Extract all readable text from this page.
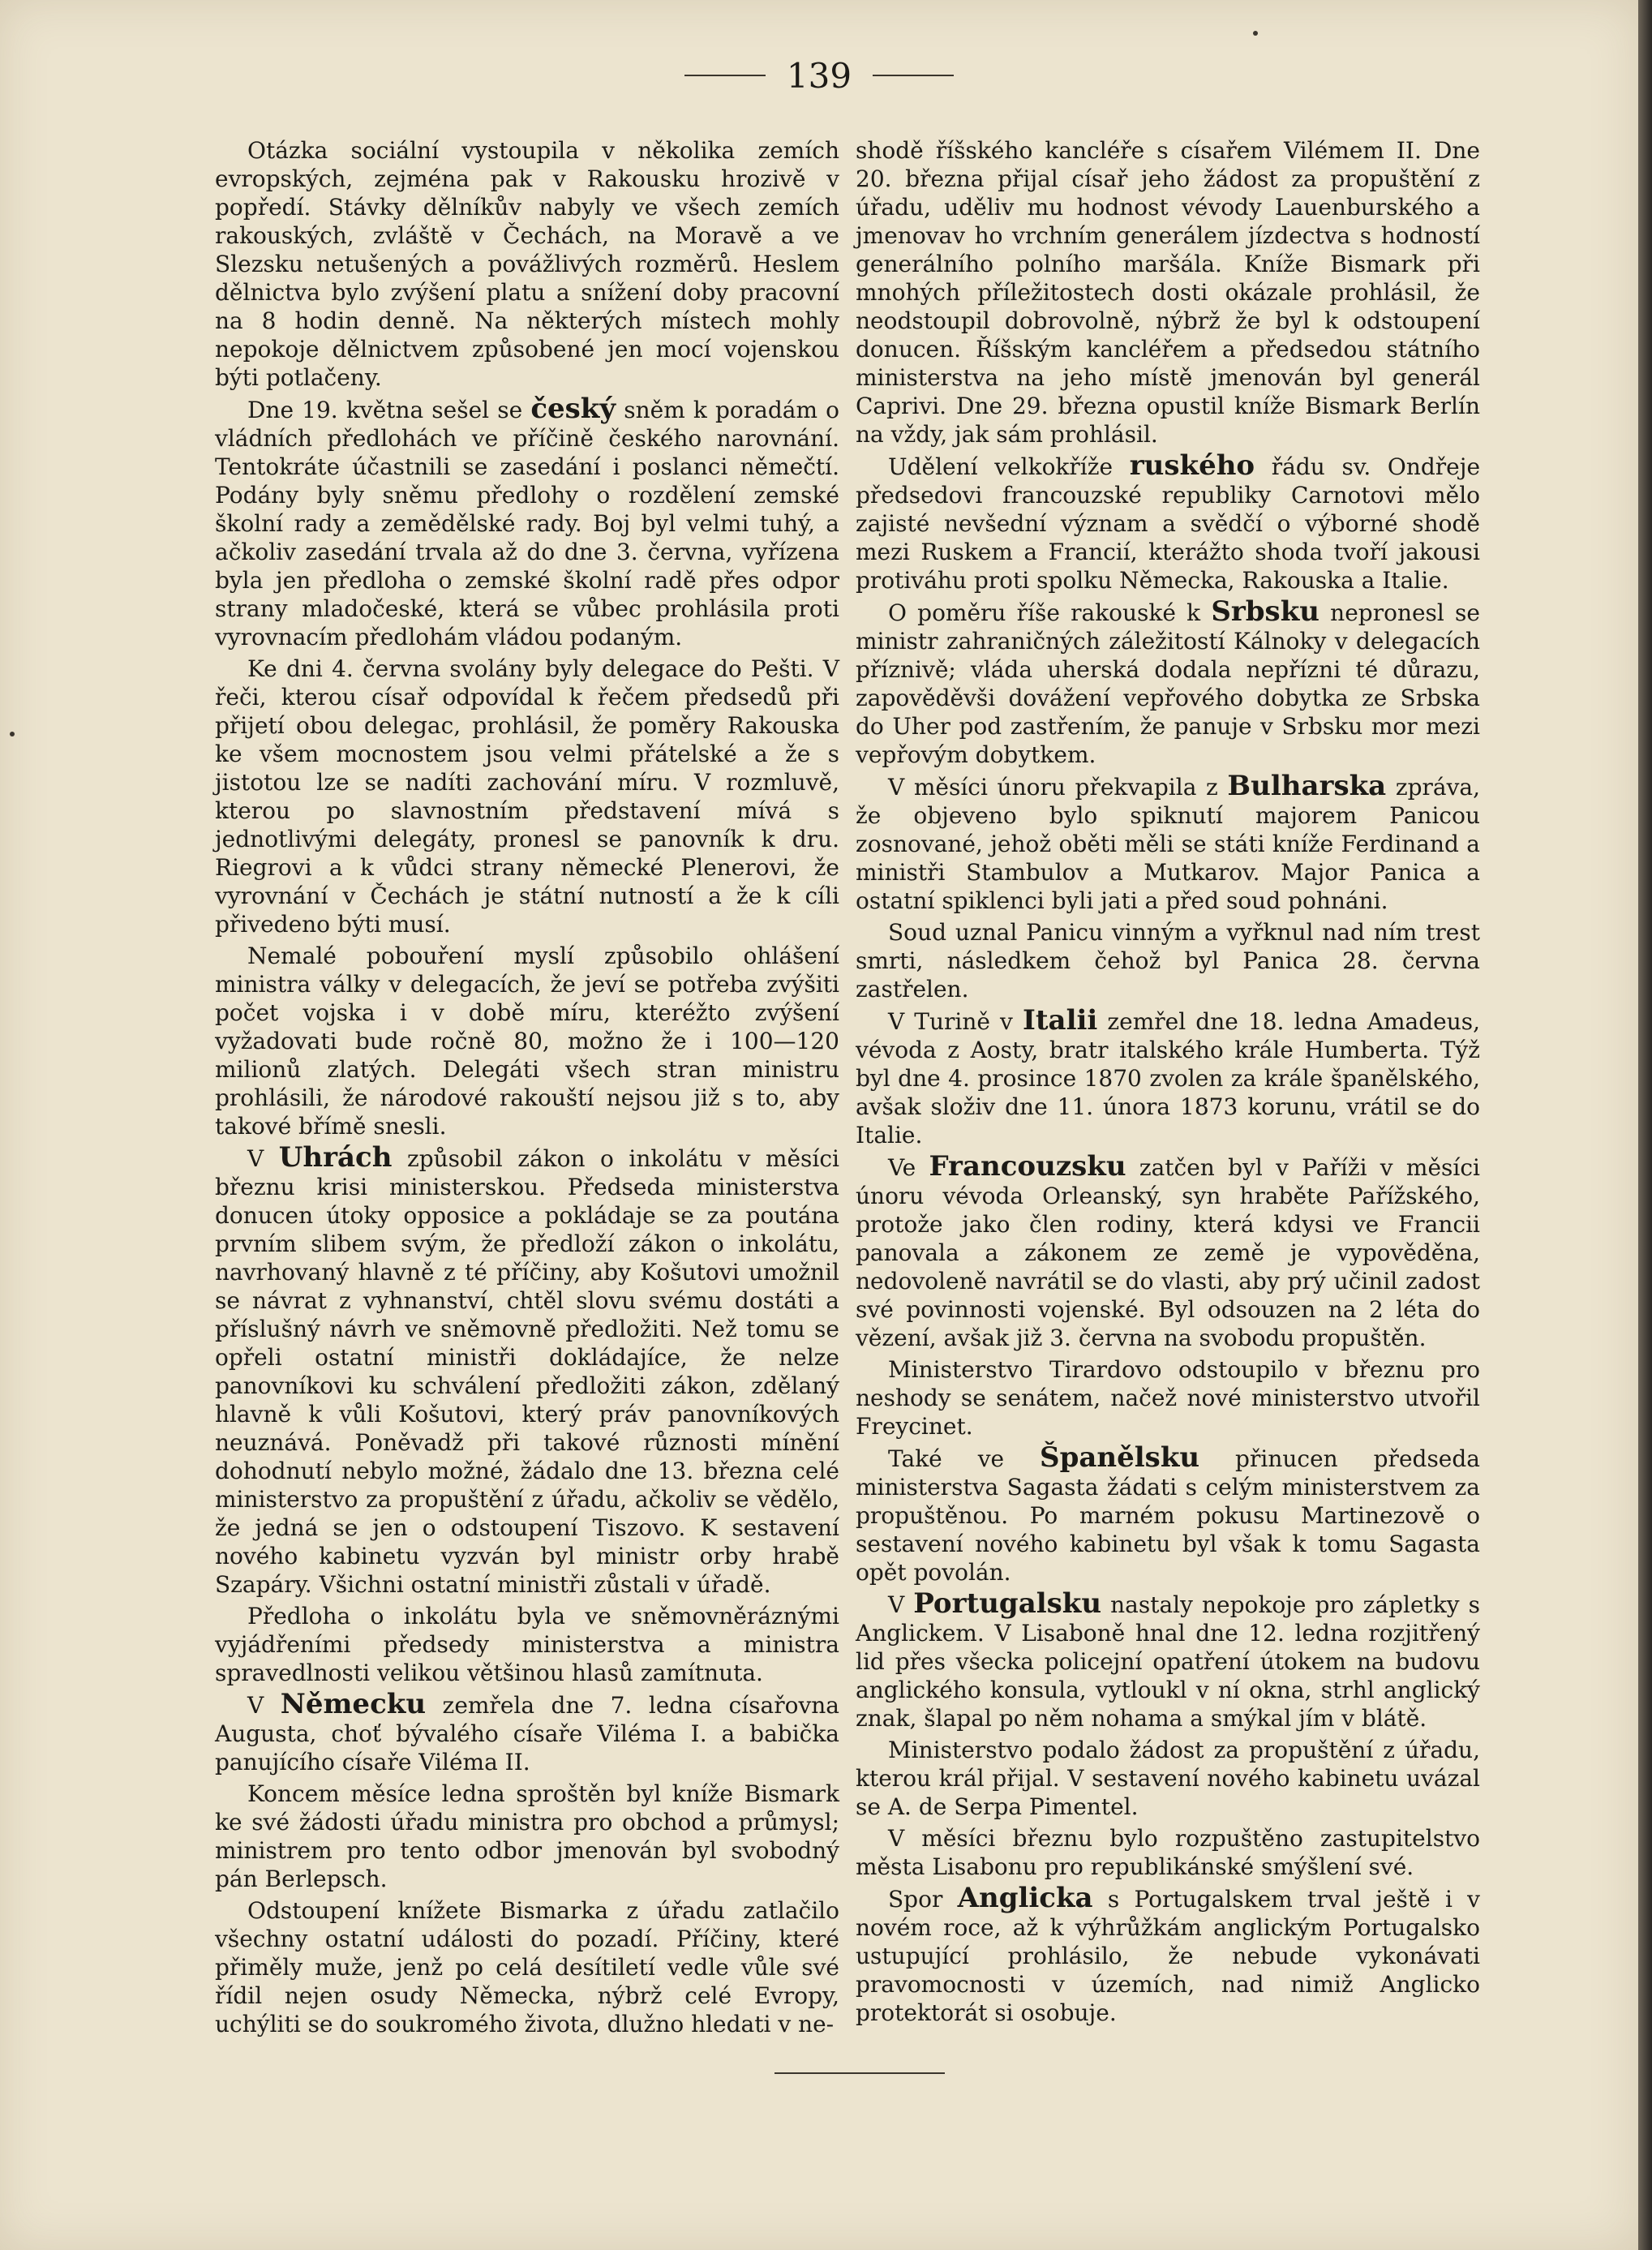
139

Otázka sociální vystoupila v několika zemích evropských, zejména pak v Rakousku hrozivě v popředí. Stávky dělníkův nabyly ve všech zemích rakouských, zvláště v Čechách, na Moravě a ve Slezsku netušených a povážlivých rozměrů. Heslem dělnictva bylo zvýšení platu a snížení doby pracovní na 8 hodin denně. Na některých místech mohly nepokoje dělnictvem způsobené jen mocí vojenskou býti potlačeny.

Dne 19. května sešel se český sněm k poradám o vládních předlohách ve příčině českého narovnání. Tentokráte účastnili se zasedání i poslanci němečtí. Podány byly sněmu předlohy o rozdělení zemské školní rady a zemědělské rady. Boj byl velmi tuhý, a ačkoliv zasedání trvala až do dne 3. června, vyřízena byla jen předloha o zemské školní radě přes odpor strany mladočeské, která se vůbec prohlásila proti vyrovnacím předlohám vládou podaným.

Ke dni 4. června svolány byly delegace do Pešti. V řeči, kterou císař odpovídal k řečem předsedů při přijetí obou delegac, prohlásil, že poměry Rakouska ke všem mocnostem jsou velmi přátelské a že s jistotou lze se nadíti zachování míru. V rozmluvě, kterou po slavnostním představení mívá s jednotlivými delegáty, pronesl se panovník k dru. Riegrovi a k vůdci strany německé Plenerovi, že vyrovnání v Čechách je státní nutností a že k cíli přivedeno býti musí.

Nemalé pobouření myslí způsobilo ohlášení ministra války v delegacích, že jeví se potřeba zvýšiti počet vojska i v době míru, kteréžto zvýšení vyžadovati bude ročně 80, možno že i 100—120 milionů zlatých. Delegáti všech stran ministru prohlásili, že národové rakouští nejsou již s to, aby takové břímě snesli.

V Uhrách způsobil zákon o inkolátu v měsíci březnu krisi ministerskou. Předseda ministerstva donucen útoky opposice a pokládaje se za poutána prvním slibem svým, že předloží zákon o inkolátu, navrhovaný hlavně z té příčiny, aby Košutovi umožnil se návrat z vyhnanství, chtěl slovu svému dostáti a příslušný návrh ve sněmovně předložiti. Než tomu se opřeli ostatní ministři dokládajíce, že nelze panovníkovi ku schválení předložiti zákon, zdělaný hlavně k vůli Košutovi, který práv panovníkových neuznává. Poněvadž při takové různosti mínění dohodnutí nebylo možné, žádalo dne 13. března celé ministerstvo za propuštění z úřadu, ačkoliv se vědělo, že jedná se jen o odstoupení Tiszovo. K sestavení nového kabinetu vyzván byl ministr orby hrabě Szapáry. Všichni ostatní ministři zůstali v úřadě.

Předloha o inkolátu byla ve sněmovněráznými vyjádřeními předsedy ministerstva a ministra spravedlnosti velikou většinou hlasů zamítnuta.

V Německu zemřela dne 7. ledna císařovna Augusta, choť bývalého císaře Viléma I. a babička panujícího císaře Viléma II.

Koncem měsíce ledna sproštěn byl kníže Bismark ke své žádosti úřadu ministra pro obchod a průmysl; ministrem pro tento odbor jmenován byl svobodný pán Berlepsch.

Odstoupení knížete Bismarka z úřadu zatlačilo všechny ostatní události do pozadí. Příčiny, které přiměly muže, jenž po celá desítiletí vedle vůle své řídil nejen osudy Německa, nýbrž celé Evropy, uchýliti se do soukromého života, dlužno hledati v ne-

shodě říšského kancléře s císařem Vilémem II. Dne 20. března přijal císař jeho žádost za propuštění z úřadu, uděliv mu hodnost vévody Lauenburského a jmenovav ho vrchním generálem jízdectva s hodností generálního polního maršála. Kníže Bismark při mnohých příležitostech dosti okázale prohlásil, že neodstoupil dobrovolně, nýbrž že byl k odstoupení donucen. Říšským kancléřem a předsedou státního ministerstva na jeho místě jmenován byl generál Caprivi. Dne 29. března opustil kníže Bismark Berlín na vždy, jak sám prohlásil.

Udělení velkokříže ruského řádu sv. Ondřeje předsedovi francouzské republiky Carnotovi mělo zajisté nevšední význam a svědčí o výborné shodě mezi Ruskem a Francií, kterážto shoda tvoří jakousi protiváhu proti spolku Německa, Rakouska a Italie.

O poměru říše rakouské k Srbsku nepronesl se ministr zahraničných záležitostí Kálnoky v delegacích příznivě; vláda uherská dodala nepřízni té důrazu, zapověděvši dovážení vepřového dobytka ze Srbska do Uher pod zastřením, že panuje v Srbsku mor mezi vepřovým dobytkem.

V měsíci únoru překvapila z Bulharska zpráva, že objeveno bylo spiknutí majorem Panicou zosnované, jehož oběti měli se státi kníže Ferdinand a ministři Stambulov a Mutkarov. Major Panica a ostatní spiklenci byli jati a před soud pohnáni.

Soud uznal Panicu vinným a vyřknul nad ním trest smrti, následkem čehož byl Panica 28. června zastřelen.

V Turině v Italii zemřel dne 18. ledna Amadeus, vévoda z Aosty, bratr italského krále Humberta. Týž byl dne 4. prosince 1870 zvolen za krále španělského, avšak složiv dne 11. února 1873 korunu, vrátil se do Italie.

Ve Francouzsku zatčen byl v Paříži v měsíci únoru vévoda Orleanský, syn hraběte Pařížského, protože jako člen rodiny, která kdysi ve Francii panovala a zákonem ze země je vypověděna, nedovoleně navrátil se do vlasti, aby prý učinil zadost své povinnosti vojenské. Byl odsouzen na 2 léta do vězení, avšak již 3. června na svobodu propuštěn.

Ministerstvo Tirardovo odstoupilo v březnu pro neshody se senátem, načež nové ministerstvo utvořil Freycinet.

Také ve Španělsku přinucen předseda ministerstva Sagasta žádati s celým ministerstvem za propuštěnou. Po marném pokusu Martinezově o sestavení nového kabinetu byl však k tomu Sagasta opět povolán.

V Portugalsku nastaly nepokoje pro zápletky s Anglickem. V Lisaboně hnal dne 12. ledna rozjitřený lid přes všecka policejní opatření útokem na budovu anglického konsula, vytloukl v ní okna, strhl anglický znak, šlapal po něm nohama a smýkal jím v blátě.

Ministerstvo podalo žádost za propuštění z úřadu, kterou král přijal. V sestavení nového kabinetu uvázal se A. de Serpa Pimentel.

V měsíci březnu bylo rozpuštěno zastupitelstvo města Lisabonu pro republikánské smýšlení své.

Spor Anglicka s Portugalskem trval ještě i v novém roce, až k výhrůžkám anglickým Portugalsko ustupující prohlásilo, že nebude vykonávati pravomocnosti v územích, nad nimiž Anglicko protektorát si osobuje.
